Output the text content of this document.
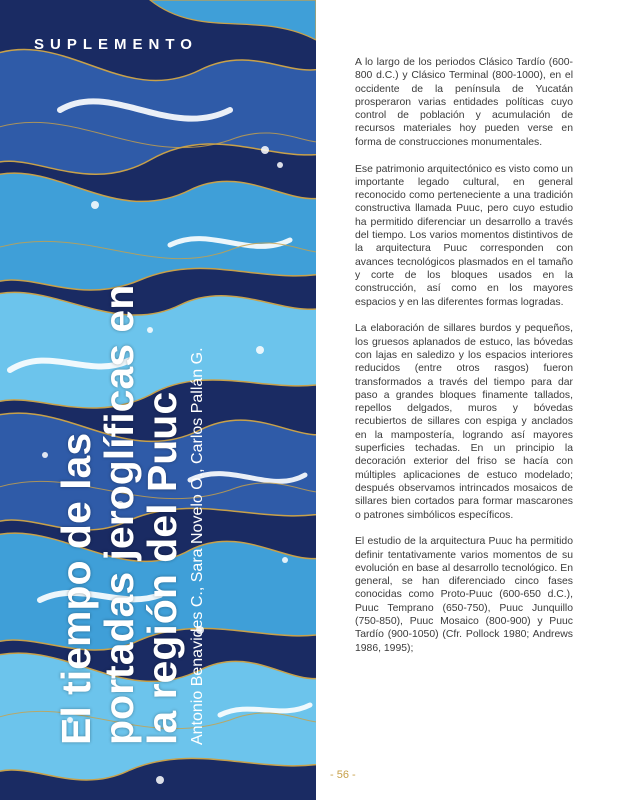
SUPLEMENTO
El tiempo de las
portadas jeroglíficas en
la región del Puuc Antonio Benavides C., Sara Novelo O., Carlos Pallán G.

A lo largo de los periodos Clásico Tardío (600-800 d.C.) y Clásico Terminal (800-1000), en el occidente de la península de Yucatán prosperaron varias entidades políticas cuyo control de población y acumulación de recursos materiales hoy pueden verse en forma de construcciones monumentales.

Ese patrimonio arquitectónico es visto como un importante legado cultural, en general reconocido como perteneciente a una tradición constructiva llamada Puuc, pero cuyo estudio ha permitido diferenciar un desarrollo a través del tiempo. Los varios momentos distintivos de la arquitectura Puuc corresponden con avances tecnológicos plasmados en el tamaño y corte de los bloques usados en la construcción, así como en los mayores espacios y en las diferentes formas logradas.

La elaboración de sillares burdos y pequeños, los gruesos aplanados de estuco, las bóvedas con lajas en saledizo y los espacios interiores reducidos (entre otros rasgos) fueron transformados a través del tiempo para dar paso a grandes bloques finamente tallados, repellos delgados, muros y bóvedas recubiertos de sillares con espiga y anclados en la mampostería, logrando así mayores superficies techadas. En un principio la decoración exterior del friso se hacía con múltiples aplicaciones de estuco modelado; después observamos intrincados mosaicos de sillares bien cortados para formar mascarones o patrones simbólicos específicos.

El estudio de la arquitectura Puuc ha permitido definir tentativamente varios momentos de su evolución en base al desarrollo tecnológico. En general, se han diferenciado cinco fases conocidas como Proto-Puuc (600-650 d.C.), Puuc Temprano (650-750), Puuc Junquillo (750-850), Puuc Mosaico (800-900) y Puuc Tardío (900-1050) (Cfr. Pollock 1980; Andrews 1986, 1995);

- 56 -
